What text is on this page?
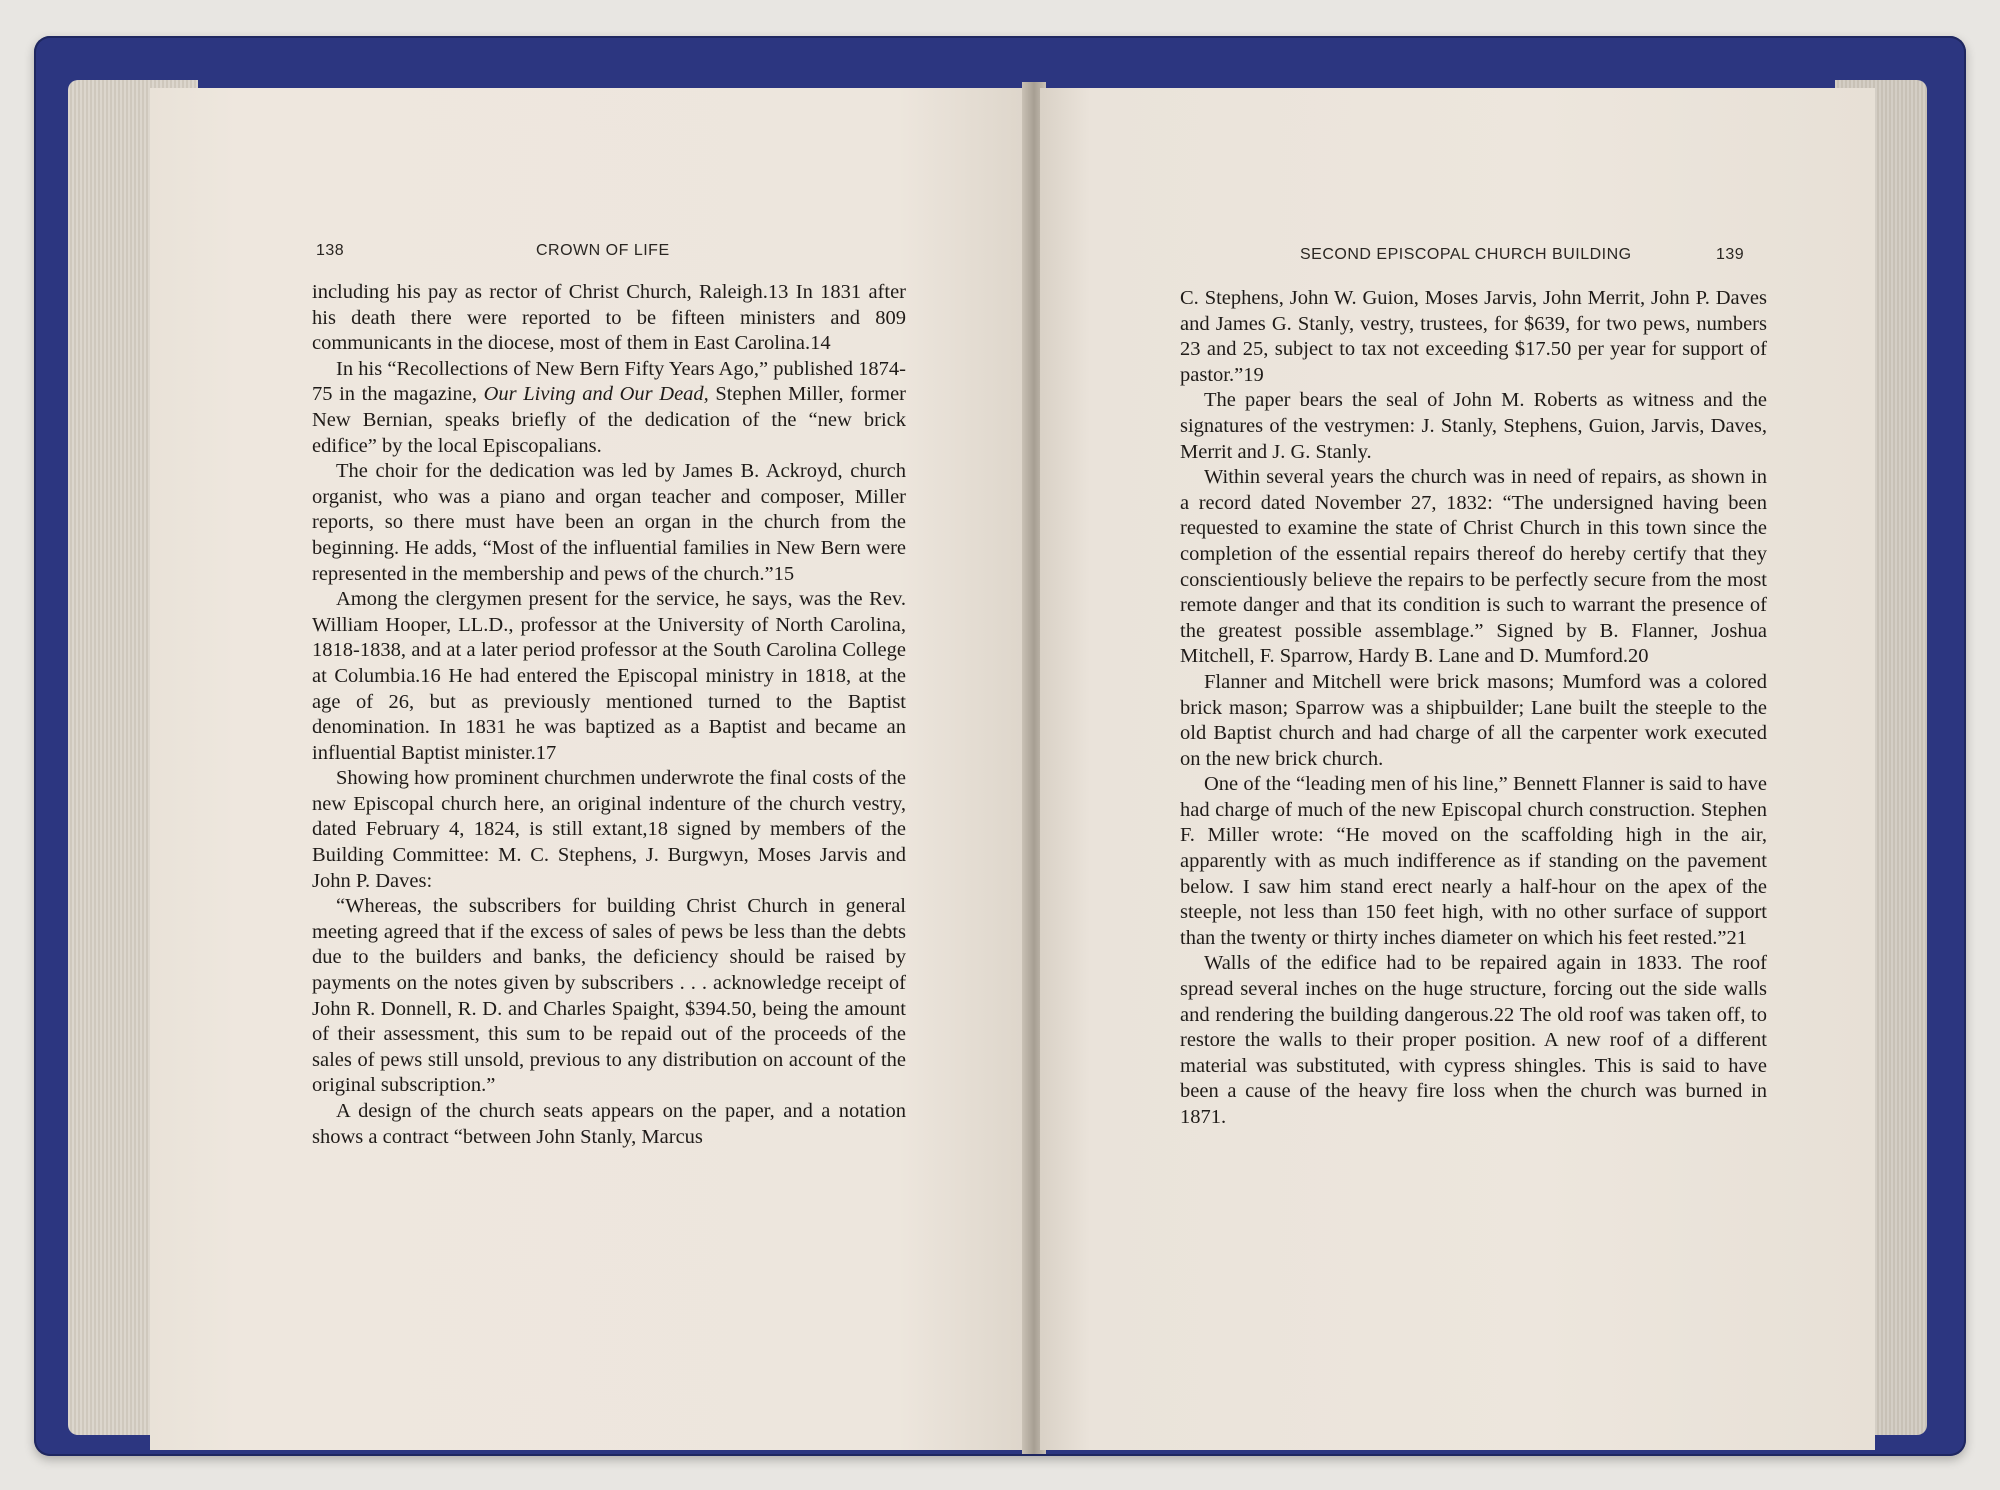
138	CROWN OF LIFE

including his pay as rector of Christ Church, Raleigh.13 In 1831 after his death there were reported to be fifteen ministers and 809 communicants in the diocese, most of them in East Carolina.14

In his “Recollections of New Bern Fifty Years Ago,” published 1874-75 in the magazine, Our Living and Our Dead, Stephen Miller, former New Bernian, speaks briefly of the dedication of the “new brick edifice” by the local Episcopalians.

The choir for the dedication was led by James B. Ackroyd, church organist, who was a piano and organ teacher and composer, Miller reports, so there must have been an organ in the church from the beginning. He adds, “Most of the influential families in New Bern were represented in the membership and pews of the church.”15

Among the clergymen present for the service, he says, was the Rev. William Hooper, LL.D., professor at the University of North Carolina, 1818-1838, and at a later period professor at the South Carolina College at Columbia.16 He had entered the Episcopal ministry in 1818, at the age of 26, but as previously mentioned turned to the Baptist denomination. In 1831 he was baptized as a Baptist and became an influential Baptist minister.17

Showing how prominent churchmen underwrote the final costs of the new Episcopal church here, an original indenture of the church vestry, dated February 4, 1824, is still extant,18 signed by members of the Building Committee: M. C. Stephens, J. Burgwyn, Moses Jarvis and John P. Daves:

“Whereas, the subscribers for building Christ Church in general meeting agreed that if the excess of sales of pews be less than the debts due to the builders and banks, the deficiency should be raised by payments on the notes given by subscribers . . . acknowledge receipt of John R. Donnell, R. D. and Charles Spaight, $394.50, being the amount of their assessment, this sum to be repaid out of the proceeds of the sales of pews still unsold, previous to any distribution on account of the original subscription.”

A design of the church seats appears on the paper, and a notation shows a contract “between John Stanly, Marcus

SECOND EPISCOPAL CHURCH BUILDING	139

C. Stephens, John W. Guion, Moses Jarvis, John Merrit, John P. Daves and James G. Stanly, vestry, trustees, for $639, for two pews, numbers 23 and 25, subject to tax not exceeding $17.50 per year for support of pastor.”19

The paper bears the seal of John M. Roberts as witness and the signatures of the vestrymen: J. Stanly, Stephens, Guion, Jarvis, Daves, Merrit and J. G. Stanly.

Within several years the church was in need of repairs, as shown in a record dated November 27, 1832: “The undersigned having been requested to examine the state of Christ Church in this town since the completion of the essential repairs thereof do hereby certify that they conscientiously believe the repairs to be perfectly secure from the most remote danger and that its condition is such to warrant the presence of the greatest possible assemblage.” Signed by B. Flanner, Joshua Mitchell, F. Sparrow, Hardy B. Lane and D. Mumford.20

Flanner and Mitchell were brick masons; Mumford was a colored brick mason; Sparrow was a shipbuilder; Lane built the steeple to the old Baptist church and had charge of all the carpenter work executed on the new brick church.

One of the “leading men of his line,” Bennett Flanner is said to have had charge of much of the new Episcopal church construction. Stephen F. Miller wrote: “He moved on the scaffolding high in the air, apparently with as much indifference as if standing on the pavement below. I saw him stand erect nearly a half-hour on the apex of the steeple, not less than 150 feet high, with no other surface of support than the twenty or thirty inches diameter on which his feet rested.”21

Walls of the edifice had to be repaired again in 1833. The roof spread several inches on the huge structure, forcing out the side walls and rendering the building dangerous.22 The old roof was taken off, to restore the walls to their proper position. A new roof of a different material was substituted, with cypress shingles. This is said to have been a cause of the heavy fire loss when the church was burned in 1871.
